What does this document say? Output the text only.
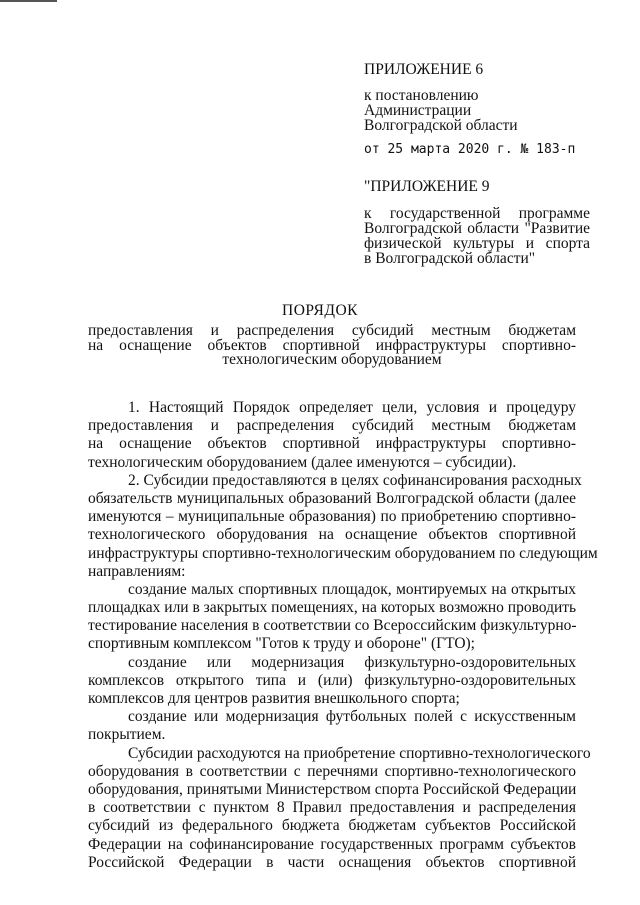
ПРИЛОЖЕНИЕ 6
к постановлению
Администрации
Волгоградской области
от 25 марта 2020 г. № 183-п
"ПРИЛОЖЕНИЕ 9
к государственной программе
Волгоградской области "Развитие
физической культуры и спорта
в Волгоградской области"
ПОРЯДОК
предоставления и распределения субсидий местным бюджетам
на оснащение объектов спортивной инфраструктуры спортивно-
технологическим оборудованием
1. Настоящий Порядок определяет цели, условия и процедуру
предоставления и распределения субсидий местным бюджетам
на оснащение объектов спортивной инфраструктуры спортивно-
технологическим оборудованием (далее именуются – субсидии).
2. Субсидии предоставляются в целях софинансирования расходных
обязательств муниципальных образований Волгоградской области (далее
именуются – муниципальные образования) по приобретению спортивно-
технологического оборудования на оснащение объектов спортивной
инфраструктуры спортивно-технологическим оборудованием по следующим
направлениям:
создание малых спортивных площадок, монтируемых на открытых
площадках или в закрытых помещениях, на которых возможно проводить
тестирование населения в соответствии со Всероссийским физкультурно-
спортивным комплексом "Готов к труду и обороне" (ГТО);
создание или модернизация физкультурно-оздоровительных
комплексов открытого типа и (или) физкультурно-оздоровительных
комплексов для центров развития внешкольного спорта;
создание или модернизация футбольных полей с искусственным
покрытием.
Субсидии расходуются на приобретение спортивно-технологического
оборудования в соответствии с перечнями спортивно-технологического
оборудования, принятыми Министерством спорта Российской Федерации
в соответствии с пунктом 8 Правил предоставления и распределения
субсидий из федерального бюджета бюджетам субъектов Российской
Федерации на софинансирование государственных программ субъектов
Российской Федерации в части оснащения объектов спортивной
